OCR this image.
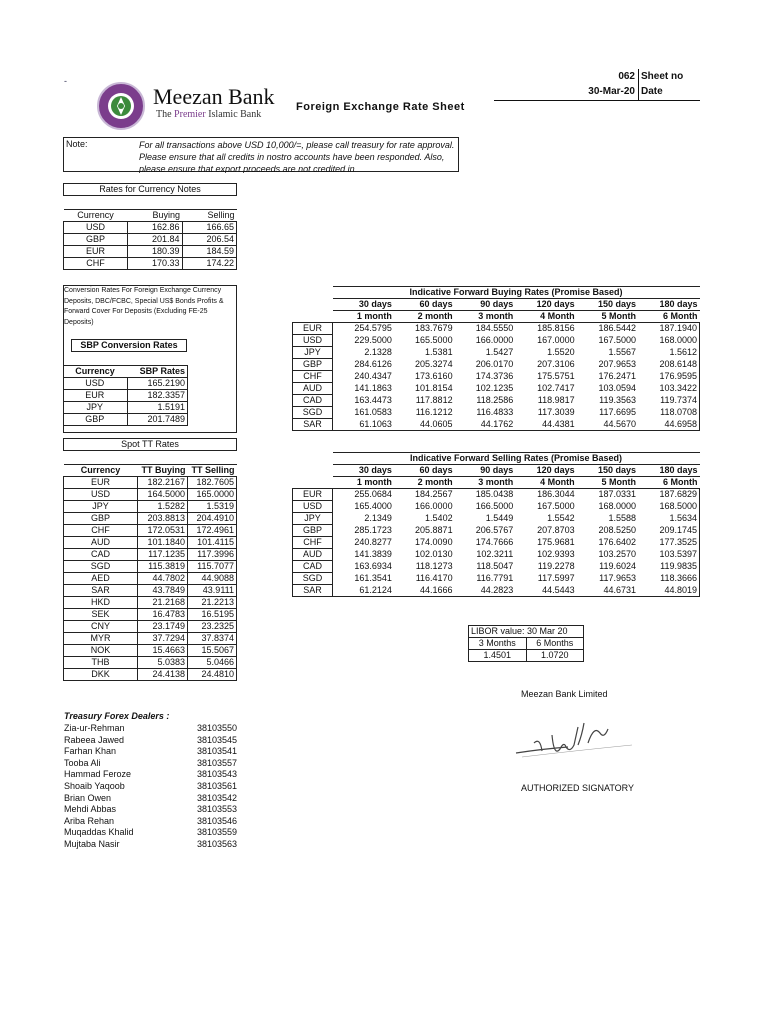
-
Meezan Bank
The Premier Islamic Bank
Foreign Exchange Rate Sheet
062 Sheet no
30-Mar-20 Date
Note:	For all transactions above USD 10,000/=, please call treasury for rate approval. Please ensure that all credits in nostro accounts have been responded. Also, please ensure that export proceeds are not credited in
Rates for Currency Notes
Currency	Buying	Selling
USD	162.86	166.65
GBP	201.84	206.54
EUR	180.39	184.59
CHF	170.33	174.22
Conversion Rates For Foreign Exchange Currency Deposits, DBC/FCBC, Special US$ Bonds Profits & Forward Cover For Deposits (Excluding FE-25 Deposits)
SBP Conversion Rates
Currency	SBP Rates
USD	165.2190
EUR	182.3357
JPY	1.5191
GBP	201.7489
Spot TT Rates
Currency	TT Buying	TT Selling
EUR	182.2167	182.7605
USD	164.5000	165.0000
JPY	1.5282	1.5319
GBP	203.8813	204.4910
CHF	172.0531	172.4961
AUD	101.1840	101.4115
CAD	117.1235	117.3996
SGD	115.3819	115.7077
AED	44.7802	44.9088
SAR	43.7849	43.9111
HKD	21.2168	21.2213
SEK	16.4783	16.5195
CNY	23.1749	23.2325
MYR	37.7294	37.8374
NOK	15.4663	15.5067
THB	5.0383	5.0466
DKK	24.4138	24.4810
	Indicative Forward Buying Rates (Promise Based)					
	30 days	60 days	90 days	120 days	150 days	180 days
	1 month	2 month	3 month	4 Month	5 Month	6 Month
EUR	254.5795	183.7679	184.5550	185.8156	186.5442	187.1940
USD	229.5000	165.5000	166.0000	167.0000	167.5000	168.0000
JPY	2.1328	1.5381	1.5427	1.5520	1.5567	1.5612
GBP	284.6126	205.3274	206.0170	207.3106	207.9653	208.6148
CHF	240.4347	173.6160	174.3736	175.5751	176.2471	176.9595
AUD	141.1863	101.8154	102.1235	102.7417	103.0594	103.3422
CAD	163.4473	117.8812	118.2586	118.9817	119.3563	119.7374
SGD	161.0583	116.1212	116.4833	117.3039	117.6695	118.0708
SAR	61.1063	44.0605	44.1762	44.4381	44.5670	44.6958
	Indicative Forward Selling Rates (Promise Based)					
	30 days	60 days	90 days	120 days	150 days	180 days
	1 month	2 month	3 month	4 Month	5 Month	6 Month
EUR	255.0684	184.2567	185.0438	186.3044	187.0331	187.6829
USD	165.4000	166.0000	166.5000	167.5000	168.0000	168.5000
JPY	2.1349	1.5402	1.5449	1.5542	1.5588	1.5634
GBP	285.1723	205.8871	206.5767	207.8703	208.5250	209.1745
CHF	240.8277	174.0090	174.7666	175.9681	176.6402	177.3525
AUD	141.3839	102.0130	102.3211	102.9393	103.2570	103.5397
CAD	163.6934	118.1273	118.5047	119.2278	119.6024	119.9835
SGD	161.3541	116.4170	116.7791	117.5997	117.9653	118.3666
SAR	61.2124	44.1666	44.2823	44.5443	44.6731	44.8019
LIBOR value: 30 Mar 20	
3 Months	6 Months
1.4501	1.0720
Meezan Bank Limited
AUTHORIZED SIGNATORY
Treasury Forex Dealers :
Zia-ur-Rehman	38103550
Rabeea Jawed	38103545
Farhan Khan	38103541
Tooba Ali	38103557
Hammad Feroze	38103543
Shoaib Yaqoob	38103561
Brian Owen	38103542
Mehdi Abbas	38103553
Ariba Rehan	38103546
Muqaddas Khalid	38103559
Mujtaba Nasir	38103563
